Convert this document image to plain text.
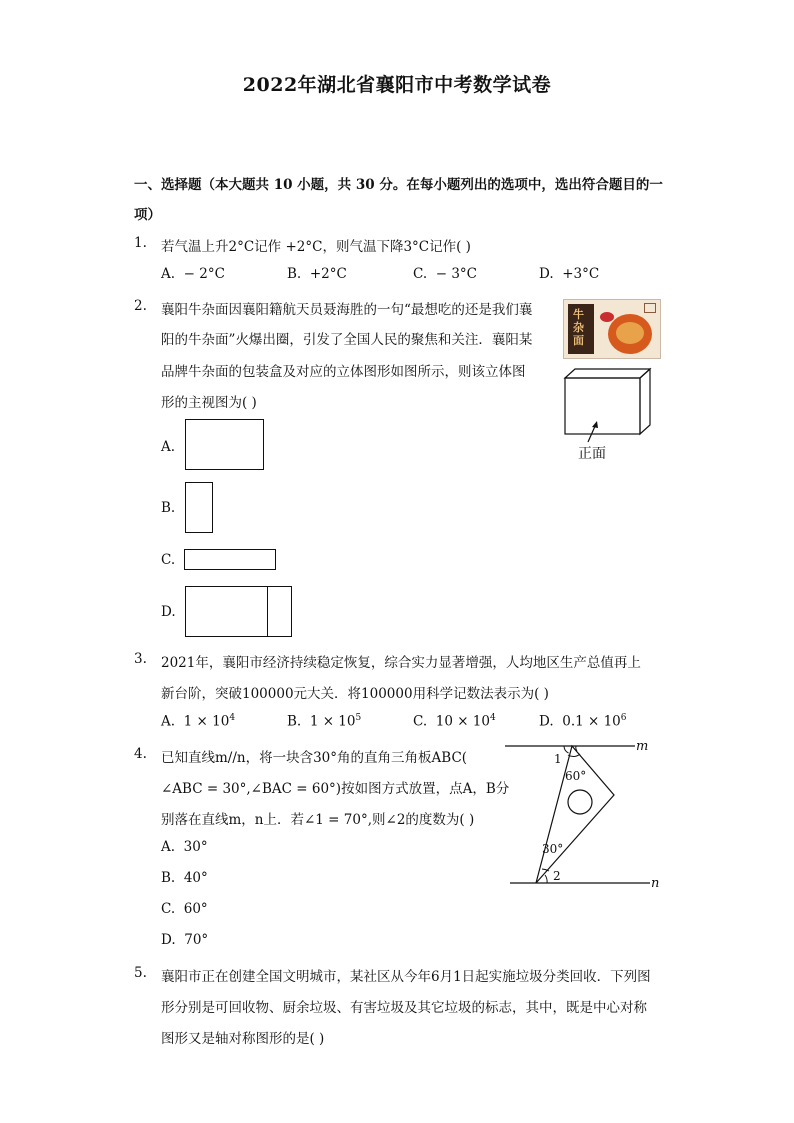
2022年湖北省襄阳市中考数学试卷
一、选择题（本大题共 10 小题，共 30 分。在每小题列出的选项中，选出符合题目的一
项）
1. 若气温上升2°C记作 +2°C，则气温下降3°C记作( )
A. − 2°C	B. +2°C	C. − 3°C	D. +3°C
2. 襄阳牛杂面因襄阳籍航天员聂海胜的一句“最想吃的还是我们襄
阳的牛杂面”火爆出圈，引发了全国人民的聚焦和关注．襄阳某
品牌牛杂面的包装盒及对应的立体图形如图所示，则该立体图
形的主视图为( )
牛杂面
正面
A.
B.
C.
D.
3. 2021年，襄阳市经济持续稳定恢复，综合实力显著增强，人均地区生产总值再上
新台阶，突破100000元大关．将100000用科学记数法表示为( )
A. $1 \times 10^4$	B. $1 \times 10^5$	C. $10 \times 10^4$	D. $0.1 \times 10^6$
4. 已知直线m//n，将一块含30°角的直角三角板ABC(
∠ABC = 30°,∠BAC = 60°)按如图方式放置，点A，B分
别落在直线m，n上．若∠1 = 70°,则∠2的度数为( )
A. 30°
B. 40°
C. 60°
D. 70°
m
n
1
60°
30°
2
5. 襄阳市正在创建全国文明城市，某社区从今年6月1日起实施垃圾分类回收．下列图
形分别是可回收物、厨余垃圾、有害垃圾及其它垃圾的标志，其中，既是中心对称
图形又是轴对称图形的是( )
